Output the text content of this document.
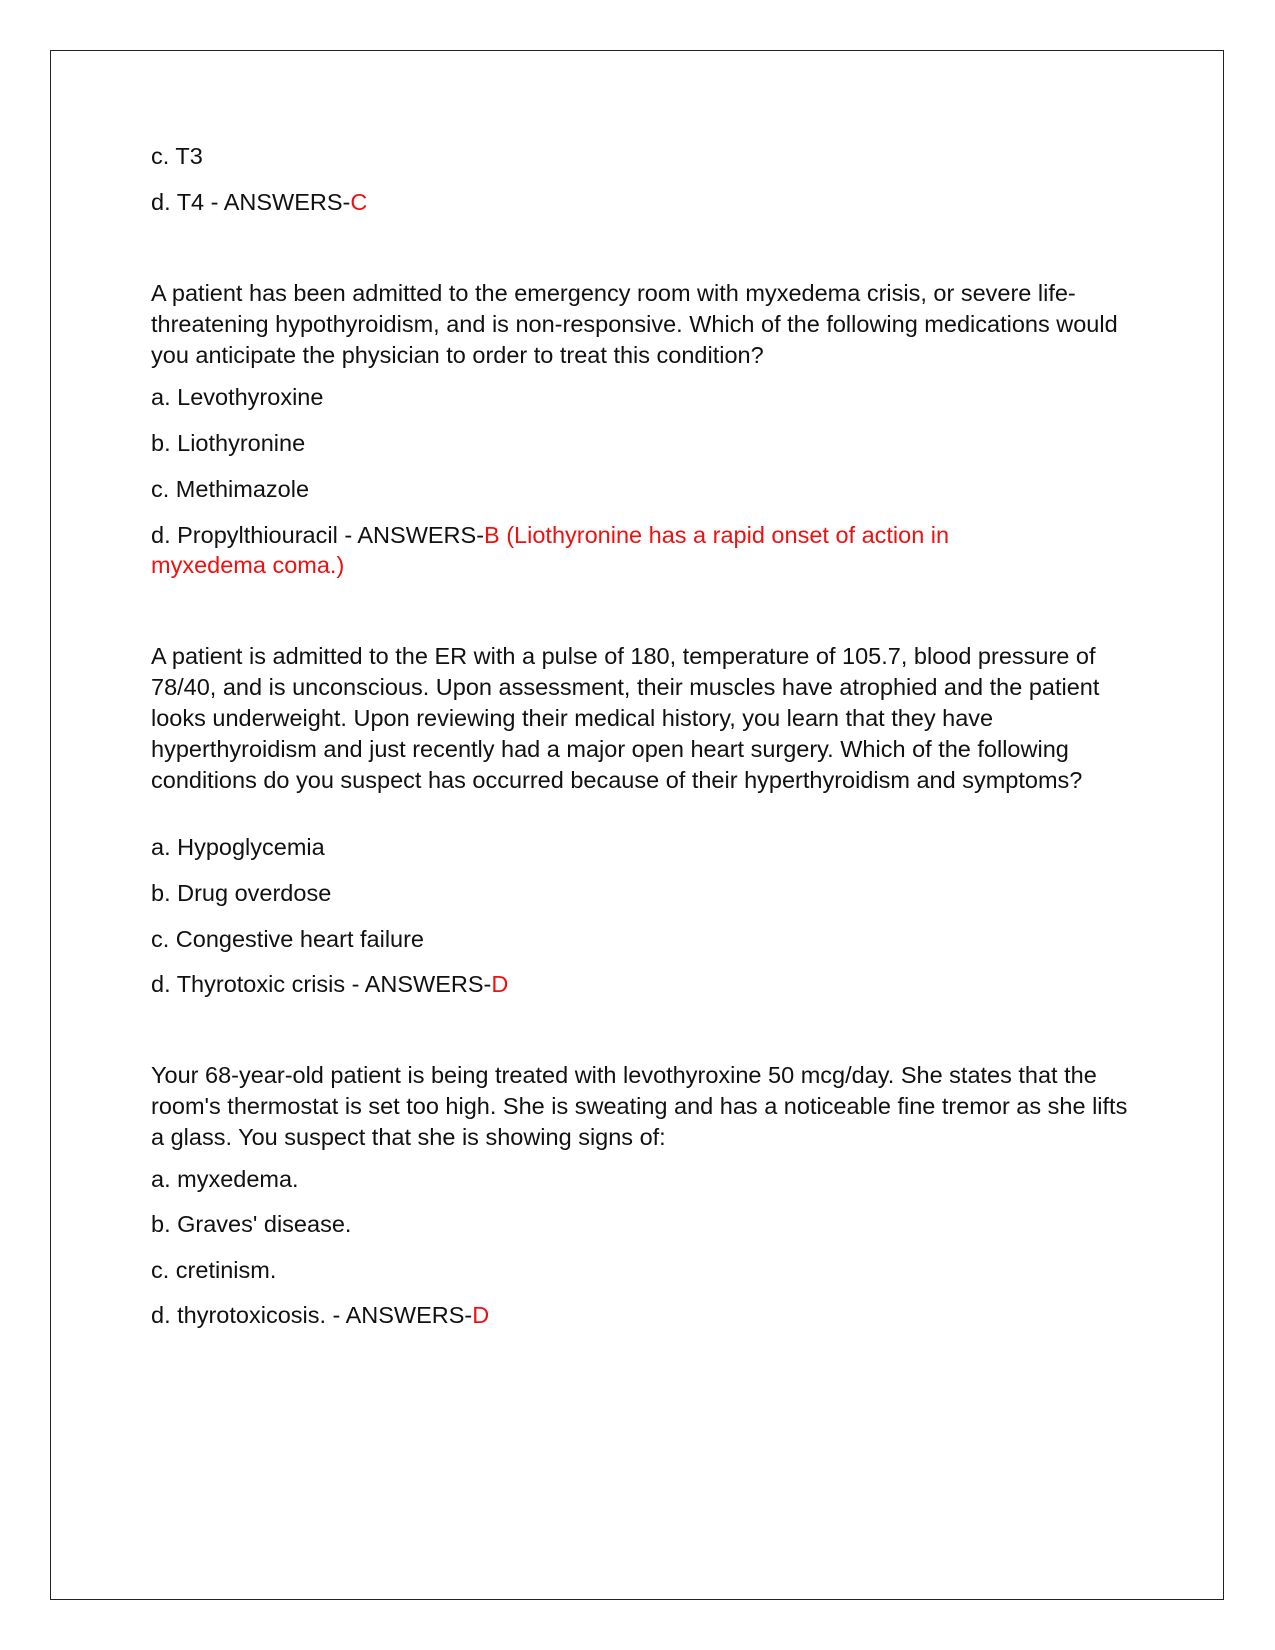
c. T3
d. T4 - ANSWERS-C
A patient has been admitted to the emergency room with myxedema crisis, or severe life-threatening hypothyroidism, and is non-responsive. Which of the following medications would you anticipate the physician to order to treat this condition?
a. Levothyroxine
b. Liothyronine
c. Methimazole
d. Propylthiouracil - ANSWERS-B (Liothyronine has a rapid onset of action in
myxedema coma.)
A patient is admitted to the ER with a pulse of 180, temperature of 105.7, blood pressure of 78/40, and is unconscious. Upon assessment, their muscles have atrophied and the patient looks underweight. Upon reviewing their medical history, you learn that they have hyperthyroidism and just recently had a major open heart surgery. Which of the following conditions do you suspect has occurred because of their hyperthyroidism and symptoms?
a. Hypoglycemia
b. Drug overdose
c. Congestive heart failure
d. Thyrotoxic crisis - ANSWERS-D
Your 68-year-old patient is being treated with levothyroxine 50 mcg/day. She states that the room's thermostat is set too high. She is sweating and has a noticeable fine tremor as she lifts a glass. You suspect that she is showing signs of:
a. myxedema.
b. Graves' disease.
c. cretinism.
d. thyrotoxicosis. - ANSWERS-D
